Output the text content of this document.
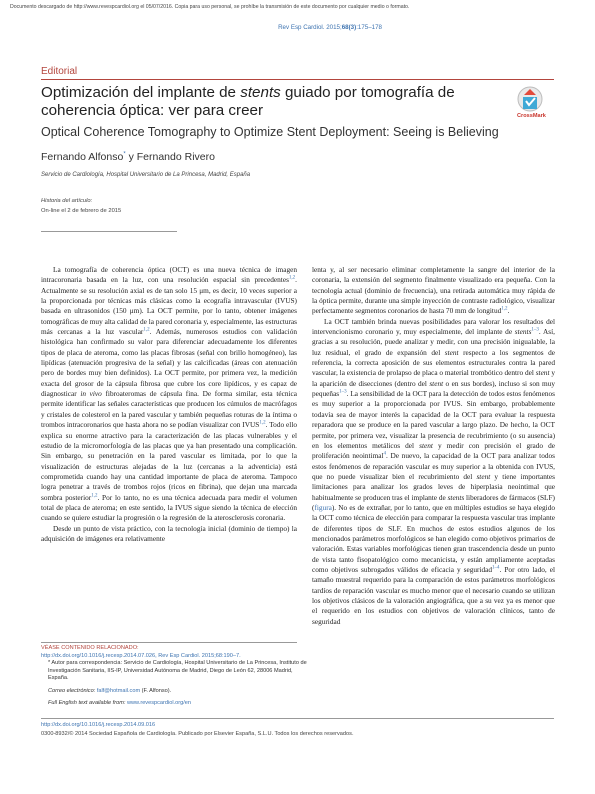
Documento descargado de http://www.revespcardiol.org el 05/07/2016. Copia para uso personal, se prohíbe la transmisión de este documento por cualquier medio o formato.
Rev Esp Cardiol. 2015;68(3):175–178
Editorial
Optimización del implante de stents guiado por tomografía de coherencia óptica: ver para creer	CrossMark
Optical Coherence Tomography to Optimize Stent Deployment: Seeing is Believing
Fernando Alfonso* y Fernando Rivero
Servicio de Cardiología, Hospital Universitario de La Princesa, Madrid, España
Historia del artículo:
On-line el 2 de febrero de 2015

La tomografía de coherencia óptica (OCT) es una nueva técnica de imagen intracoronaria basada en la luz, con una resolución espacial sin precedentes$^{1,2}$. Actualmente se su resolución axial es de tan solo 15 μm, es decir, 10 veces superior a la proporcionada por técnicas más clásicas como la ecografía intravascular (IVUS) basada en ultrasonidos (150 μm). La OCT permite, por lo tanto, obtener imágenes tomográficas de muy alta calidad de la pared coronaria y, especialmente, las estructuras más cercanas a la luz vascular$^{1,2}$. Además, numerosos estudios con validación histológica han confirmado su valor para diferenciar adecuadamente los diferentes tipos de placa de ateroma, como las placas fibrosas (señal con brillo homogéneo), las lipídicas (atenuación progresiva de la señal) y las calcificadas (áreas con atenuación pero de bordes muy bien definidos). La OCT permite, por primera vez, la medición exacta del grosor de la cápsula fibrosa que cubre los core lipídicos, y es capaz de diagnosticar in vivo fibroateromas de cápsula fina. De forma similar, esta técnica permite identificar las señales características que producen los cúmulos de macrófagos y cristales de colesterol en la pared vascular y también pequeñas roturas de la íntima o trombos intracoronarios que hasta ahora no se podían visualizar con IVUS$^{1,2}$. Todo ello explica su enorme atractivo para la caracterización de las placas vulnerables y el estudio de la micromorfología de las placas que ya han presentado una complicación. Sin embargo, su penetración en la pared vascular es limitada, por lo que la visualización de estructuras alejadas de la luz (cercanas a la adventicia) está comprometida cuando hay una cantidad importante de placa de ateroma. Tampoco logra penetrar a través de trombos rojos (ricos en fibrina), que dejan una marcada sombra posterior$^{1,2}$. Por lo tanto, no es una técnica adecuada para medir el volumen total de placa de ateroma; en este sentido, la IVUS sigue siendo la técnica de elección cuando se quiere estudiar la progresión o la regresión de la aterosclerosis coronaria.

Desde un punto de vista práctico, con la tecnología inicial (dominio de tiempo) la adquisición de imágenes era relativamente

lenta y, al ser necesario eliminar completamente la sangre del interior de la coronaria, la extensión del segmento finalmente visualizado era pequeña. Con la tecnología actual (dominio de frecuencia), una retirada automática muy rápida de la óptica permite, durante una simple inyección de contraste radiológico, visualizar perfectamente segmentos coronarios de hasta 70 mm de longitud$^{1,2}$.

La OCT también brinda nuevas posibilidades para valorar los resultados del intervencionismo coronario y, muy especialmente, del implante de stents$^{1-3}$. Así, gracias a su resolución, puede analizar y medir, con una precisión inigualable, la luz residual, el grado de expansión del stent respecto a los segmentos de referencia, la correcta aposición de sus elementos estructurales contra la pared vascular, la existencia de prolapso de placa o material trombótico dentro del stent y la aparición de disecciones (dentro del stent o en sus bordes), incluso si son muy pequeñas$^{1-3}$. La sensibilidad de la OCT para la detección de todos estos fenómenos es muy superior a la proporcionada por IVUS. Sin embargo, probablemente todavía sea de mayor interés la capacidad de la OCT para evaluar la respuesta reparadora que se produce en la pared vascular a largo plazo. De hecho, la OCT permite, por primera vez, visualizar la presencia de recubrimiento (o su ausencia) en los elementos metálicos del stent y medir con precisión el grado de proliferación neointimal$^4$. De nuevo, la capacidad de la OCT para analizar todos estos fenómenos de reparación vascular es muy superior a la obtenida con IVUS, que no puede visualizar bien el recubrimiento del stent y tiene importantes limitaciones para analizar los grados leves de hiperplasia neointimal que habitualmente se producen tras el implante de stents liberadores de fármacos (SLF) (figura). No es de extrañar, por lo tanto, que en múltiples estudios se haya elegido la OCT como técnica de elección para comparar la respuesta vascular tras implante de diferentes tipos de SLF. En muchos de estos estudios algunos de los mencionados parámetros morfológicos se han elegido como objetivos primarios de valoración. Estas variables morfológicas tienen gran trascendencia desde un punto de vista tanto fisopatológico como mecanicista, y están ampliamente aceptadas como objetivos subrogados válidos de eficacia y seguridad$^{1-4}$. Por otro lado, el tamaño muestral requerido para la comparación de estos parámetros morfológicos tardíos de reparación vascular es mucho menor que el necesario cuando se utilizan los objetivos clásicos de la valoración angiográfica, que a su vez ya es menor que el requerido en los estudios con objetivos de valoración clínicos, tanto de seguridad

VÉASE CONTENIDO RELACIONADO:
http://dx.doi.org/10.1016/j.recesp.2014.07.026, Rev Esp Cardiol. 2015;68:190–7.
* Autor para correspondencia: Servicio de Cardiología, Hospital Universitario de La Princesa, Instituto de Investigación Sanitaria, IIS-IP, Universidad Autónoma de Madrid, Diego de León 62, 28006 Madrid, España.
Correo electrónico: falf@hotmail.com (F. Alfonso).
Full English text available from: www.revespcardiol.org/en
http://dx.doi.org/10.1016/j.recesp.2014.09.016
0300-8932/© 2014 Sociedad Española de Cardiología. Publicado por Elsevier España, S.L.U. Todos los derechos reservados.
